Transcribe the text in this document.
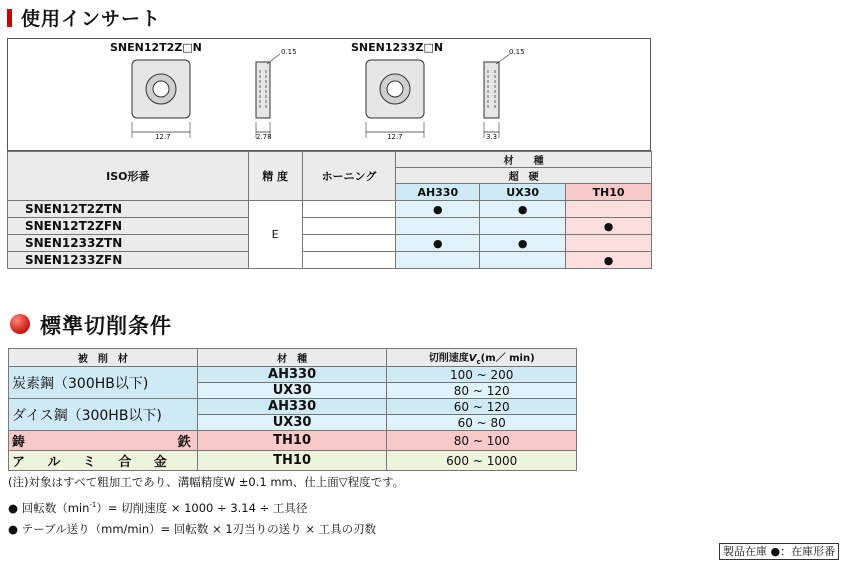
使用インサート
SNEN12T2Z□N
12.7	2.78
0.15	SNEN1233Z□N
12.7	3.3
0.15
ISO形番	精 度	ホーニング	材　　種		
			超　硬		
			AH330	UX30	TH10
SNEN12T2ZTN	E		●	●	
SNEN12T2ZFN					●
SNEN1233ZTN			●	●	
SNEN1233ZFN					●
標準切削条件
被　削　材	材　種	切削速度$V_c(m/$ min)
炭素鋼（300HB以下)	AH330	100 ~ 200
	UX30	80 ~ 120
ダイス鋼（300HB以下)	AH330	60 ~ 120
	UX30	60 ~ 80

鋳 鉄	TH10	80 ~ 100

ア ル ミ 合 金	TH10	600 ~ 1000
(注)対象はすべて粗加工であり、溝幅精度W ±0.1 mm、仕上面▽程度です。
● 回転数$(\min^{-1})=$ 切削速度 × 1000 ÷ 3.14 ÷ 工具径
● テーブル送り（mm/min）= 回転数 × 1刃当りの送り × 工具の刃数
製品在庫 ●：在庫形番
